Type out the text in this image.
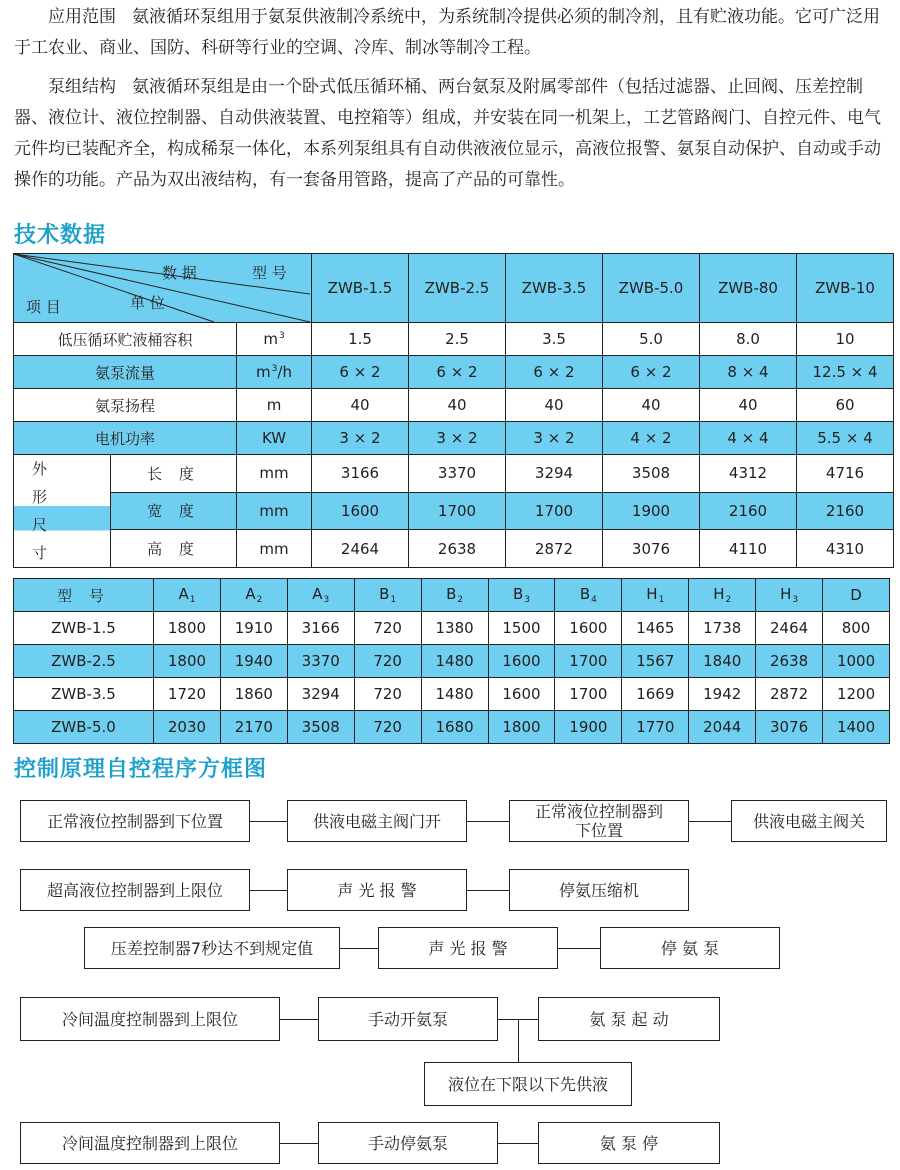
应用范围 氨液循环泵组用于氨泵供液制冷系统中，为系统制冷提供必须的制冷剂，且有贮液功能。它可广泛用于工农业、商业、国防、科研等行业的空调、冷库、制冰等制冷工程。

泵组结构 氨液循环泵组是由一个卧式低压循环桶、两台氨泵及附属零部件（包括过滤器、止回阀、压差控制器、液位计、液位控制器、自动供液装置、电控箱等）组成，并安装在同一机架上，工艺管路阀门、自控元件、电气元件均已装配齐全，构成稀泵一体化，本系列泵组具有自动供液液位显示，高液位报警、氨泵自动保护、自动或手动操作的功能。产品为双出液结构，有一套备用管路，提高了产品的可靠性。

技术数据
数 据 型 号
项 目 单 位			ZWB-1.5	ZWB-2.5	ZWB-3.5	ZWB-5.0	ZWB-80	ZWB-10
低压循环贮液桶容积		$m^3$	1.5	2.5	3.5	5.0	8.0	10
氨泵流量		$m^3/h$	6 × 2	6 × 2	6 × 2	6 × 2	8 × 4	12.5 × 4
氨泵扬程		m	40	40	40	40	40	60
电机功率		KW	3 × 2	3 × 2	3 × 2	4 × 2	4 × 4	5.5 × 4

外 形 尺 寸	长 度	mm	3166	3370	3294	3508	4312	4716
	宽 度	mm	1600	1700	1700	1900	2160	2160
	高 度	mm	2464	2638	2872	3076	4110	4310
型 号	$A_1$	$A_2$	$A_3$	$B_1$	$B_2$	$B_3$	$B_4$	$H_1$	$H_2$	$H_3$	D
ZWB-1.5	1800	1910	3166	720	1380	1500	1600	1465	1738	2464	800
ZWB-2.5	1800	1940	3370	720	1480	1600	1700	1567	1840	2638	1000
ZWB-3.5	1720	1860	3294	720	1480	1600	1700	1669	1942	2872	1200
ZWB-5.0	2030	2170	3508	720	1680	1800	1900	1770	2044	3076	1400
控制原理自控程序方框图
正常液位控制器到下位置	供液电磁主阀门开	正常液位控制器到下位置	供液电磁主阀关
超高液位控制器到上限位	声 光 报 警	停氨压缩机
压差控制器7秒达不到规定值	声 光 报 警	停 氨 泵
冷间温度控制器到上限位	手动开氨泵	氨 泵 起 动
液位在下限以下先供液
冷间温度控制器到上限位	手动停氨泵	氨 泵 停
